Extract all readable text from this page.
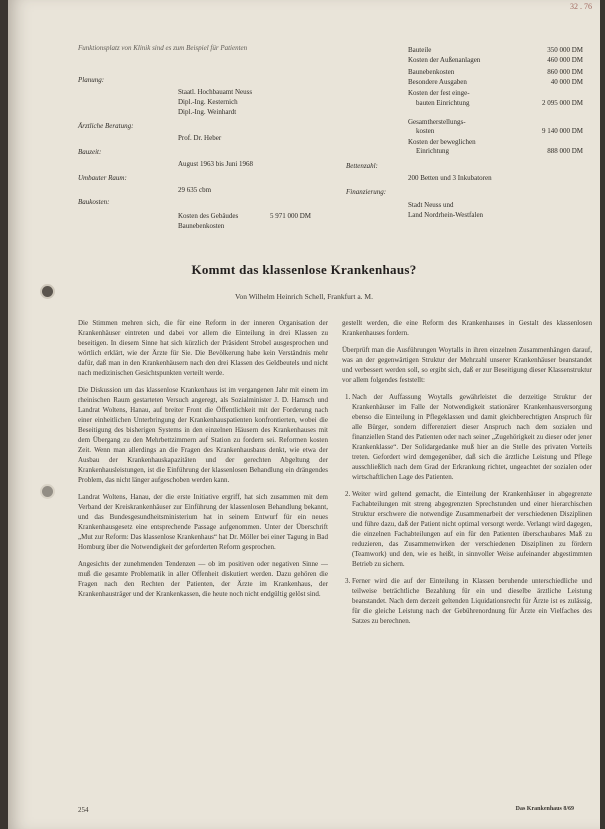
32 . 76
Funktionsplatz von Klinik sind es zum Beispiel für Patienten
Planung:
Staatl. Hochbauamt Neuss
Dipl.-Ing. Kesternich
Dipl.-Ing. Weinhardt
Ärztliche Beratung:
Prof. Dr. Heber
Bauzeit:
August 1963 bis Juni 1968
Umbauter Raum:
29 635 cbm
Baukosten:
Kosten des Gebäudes	5 971 000 DM
Baunebenkosten
Bauteile	350 000 DM
Kosten der Außenanlagen	460 000 DM
Baunebenkosten	860 000 DM
Besondere Ausgaben	40 000 DM
Kosten der fest einge-
bauten Einrichtung	2 095 000 DM
Gesamtherstellungs-
kosten	9 140 000 DM
Kosten der beweglichen
Einrichtung	888 000 DM
Bettenzahl:
200 Betten und 3 Inkubatoren
Finanzierung:
Stadt Neuss und
Land Nordrhein-Westfalen
Kommt das klassenlose Krankenhaus?
Von Wilhelm Heinrich Schell, Frankfurt a. M.

Die Stimmen mehren sich, die für eine Reform in der inneren Organisation der Krankenhäuser eintreten und dabei vor allem die Einteilung in drei Klassen zu beseitigen. In diesem Sinne hat sich kürzlich der Präsident Strobel ausgesprochen und wörtlich erklärt, wie der Ärzte für Sie. Die Bevölkerung habe kein Verständnis mehr dafür, daß man in den Krankenhäusern nach den drei Klassen des Geldbeutels und nicht nach medizinischen Gesichtspunkten verteilt werde.

Die Diskussion um das klassenlose Krankenhaus ist im vergangenen Jahr mit einem im rheinischen Raum gestarteten Versuch angeregt, als Sozialminister J. D. Hamsch und Landrat Woltens, Hanau, auf breiter Front die Öffentlichkeit mit der Forderung nach einer einheitlichen Unterbringung der Krankenhauspatienten konfrontierten, wobei die Beseitigung des bisherigen Systems in den einzelnen Häusern des Krankenhauses mit dem Übergang zu den Mehrbettzimmern auf Station zu fordern sei. Reformen kosten Zeit. Wenn man allerdings an die Fragen des Krankenhausbaus denkt, wie etwa der Ausbau der Krankenhauskapazitäten und der gerechten Abgeltung der Krankenhausleistungen, ist die Einführung der klassenlosen Behandlung ein drängendes Problem, das nicht länger aufgeschoben werden kann.

Landrat Woltens, Hanau, der die erste Initiative ergriff, hat sich zusammen mit dem Verband der Kreiskrankenhäuser zur Einführung der klassenlosen Behandlung bekannt, und das Bundesgesundheitsministerium hat in seinem Entwurf für ein neues Krankenhausgesetz eine entsprechende Passage aufgenommen. Unter der Überschrift „Mut zur Reform: Das klassenlose Krankenhaus“ hat Dr. Möller bei einer Tagung in Bad Homburg über die Notwendigkeit der geforderten Reform gesprochen.

Angesichts der zunehmenden Tendenzen — ob im positiven oder negativen Sinne — muß die gesamte Problematik in aller Offenheit diskutiert werden. Dazu gehören die Fragen nach den Rechten der Patienten, der Ärzte im Krankenhaus, der Krankenhausträger und der Krankenkassen, die heute noch nicht endgültig gelöst sind.

gestellt werden, die eine Reform des Krankenhauses in Gestalt des klassenlosen Krankenhauses fordern.

Überprüft man die Ausführungen Woytalls in ihren einzelnen Zusammenhängen darauf, was an der gegenwärtigen Struktur der Mehrzahl unserer Krankenhäuser beanstandet und verbessert werden soll, so ergibt sich, daß er zur Beseitigung dieser Klassenstruktur vor allem folgendes feststellt:

1. Nach der Auffassung Woytalls gewährleistet die derzeitige Struktur der Krankenhäuser im Falle der Notwendigkeit stationärer Krankenhausversorgung ebenso die Einteilung in Pflegeklassen und damit gleichberechtigten Anspruch für alle Bürger, sondern differenziert dieser Anspruch nach dem sozialen und finanziellen Stand des Patienten oder nach seiner „Zugehörigkeit zu dieser oder jener Krankenklasse“. Der Solidargedanke muß hier an die Stelle des privaten Vorteils treten. Gefordert wird demgegenüber, daß sich die ärztliche Leistung und Pflege ausschließlich nach dem Grad der Erkrankung richtet, ungeachtet der sozialen oder wirtschaftlichen Lage des Patienten.
2. Weiter wird geltend gemacht, die Einteilung der Krankenhäuser in abgegrenzte Fachabteilungen mit streng abgegrenzten Sprechstunden und einer hierarchischen Struktur erschwere die notwendige Zusammenarbeit der verschiedenen Disziplinen und führe dazu, daß der Patient nicht optimal versorgt werde. Verlangt wird dagegen, die einzelnen Fachabteilungen auf ein für den Patienten überschaubares Maß zu reduzieren, das Zusammenwirken der verschiedenen Disziplinen zu fördern (Teamwork) und den, wie es heißt, in sinnvoller Weise aufeinander abgestimmten Betrieb zu sichern.
3. Ferner wird die auf der Einteilung in Klassen beruhende unterschiedliche und teilweise beträchtliche Bezahlung für ein und dieselbe ärztliche Leistung beanstandet. Nach dem derzeit geltenden Liquidationsrecht für Ärzte ist es zulässig, für die gleiche Leistung nach der Gebührenordnung für Ärzte ein Vielfaches des Satzes zu berechnen.
254	Das Krankenhaus 8/69
